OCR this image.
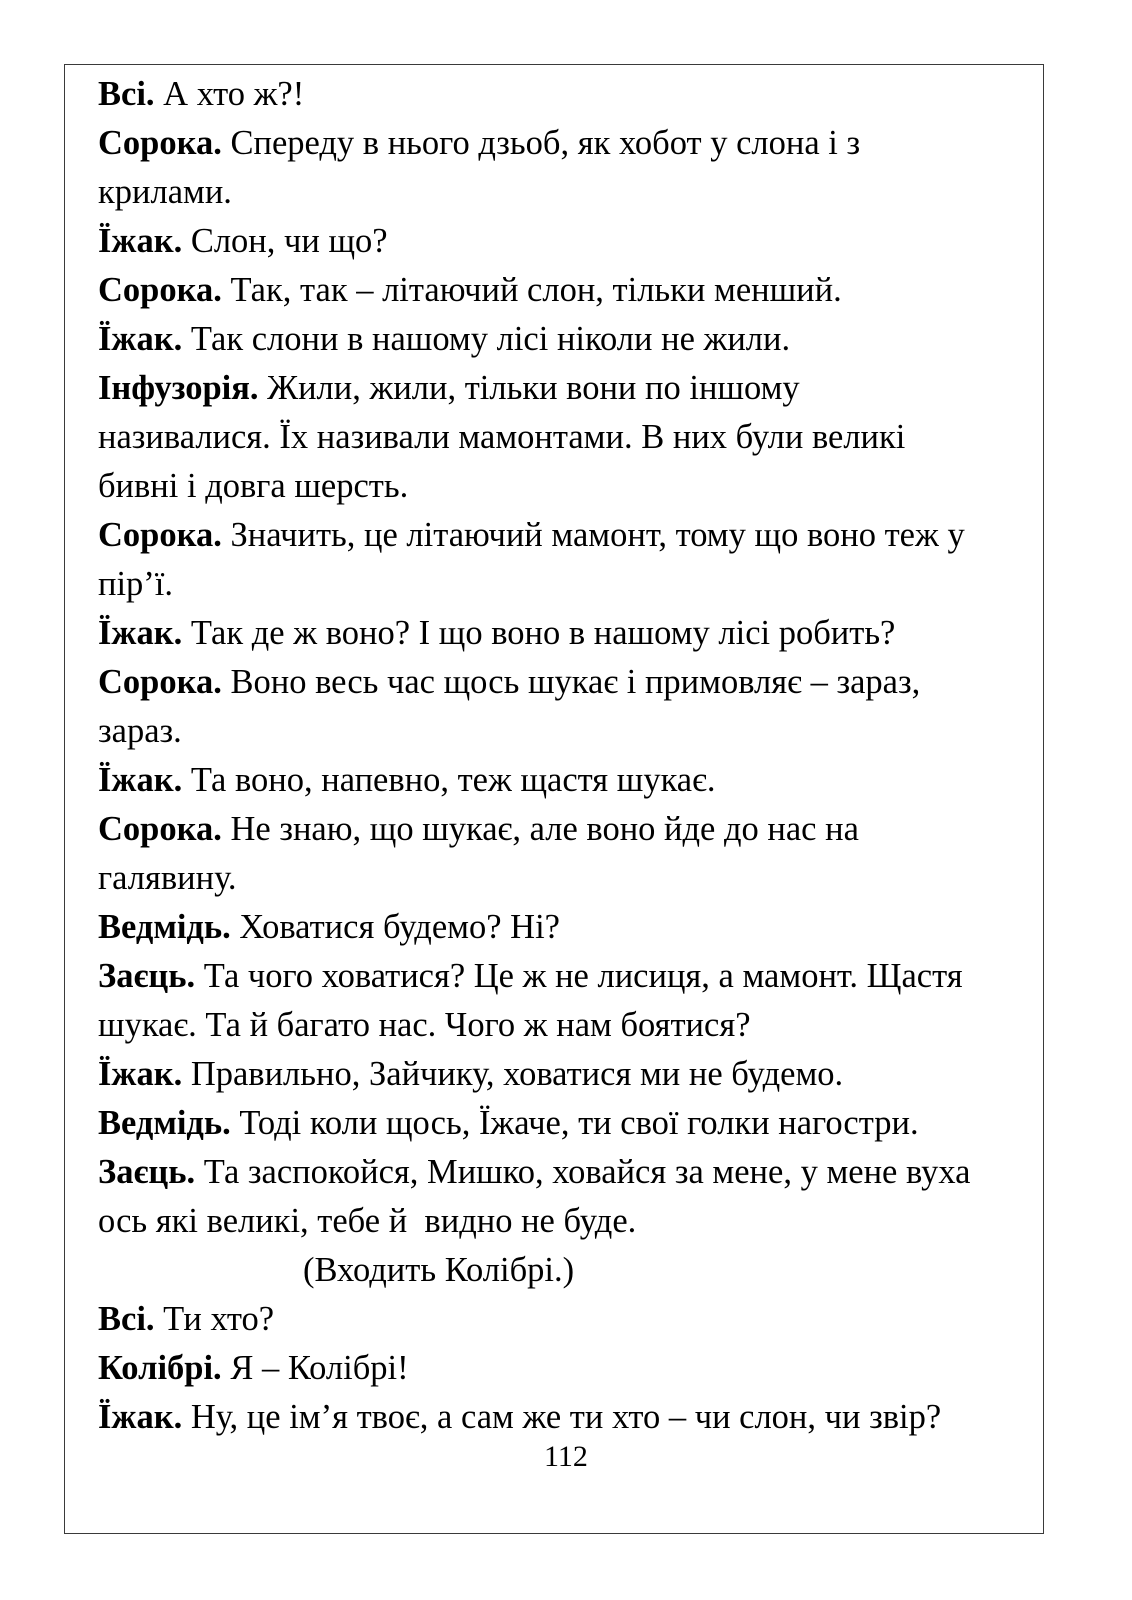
Всі. А хто ж?!
Сорока. Спереду в нього дзьоб, як хобот у слона і з
крилами.
Їжак. Слон, чи що?
Сорока. Так, так – літаючий слон, тільки менший.
Їжак. Так слони в нашому лісі ніколи не жили.
Інфузорія. Жили, жили, тільки вони по іншому
називалися. Їх називали мамонтами. В них були великі
бивні і довга шерсть.
Сорока. Значить, це літаючий мамонт, тому що воно теж у
пір’ї.
Їжак. Так де ж воно? І що воно в нашому лісі робить?
Сорока. Воно весь час щось шукає і примовляє – зараз,
зараз.
Їжак. Та воно, напевно, теж щастя шукає.
Сорока. Не знаю, що шукає, але воно йде до нас на
галявину.
Ведмідь. Ховатися будемо? Ні?
Заєць. Та чого ховатися? Це ж не лисиця, а мамонт. Щастя
шукає. Та й багато нас. Чого ж нам боятися?
Їжак. Правильно, Зайчику, ховатися ми не будемо.
Ведмідь. Тоді коли щось, Їжаче, ти свої голки нагостри.
Заєць. Та заспокойся, Мишко, ховайся за мене, у мене вуха
ось які великі, тебе й  видно не буде.
(Входить Колібрі.)
Всі. Ти хто?
Колібрі. Я – Колібрі!
Їжак. Ну, це ім’я твоє, а сам же ти хто – чи слон, чи звір?
112
